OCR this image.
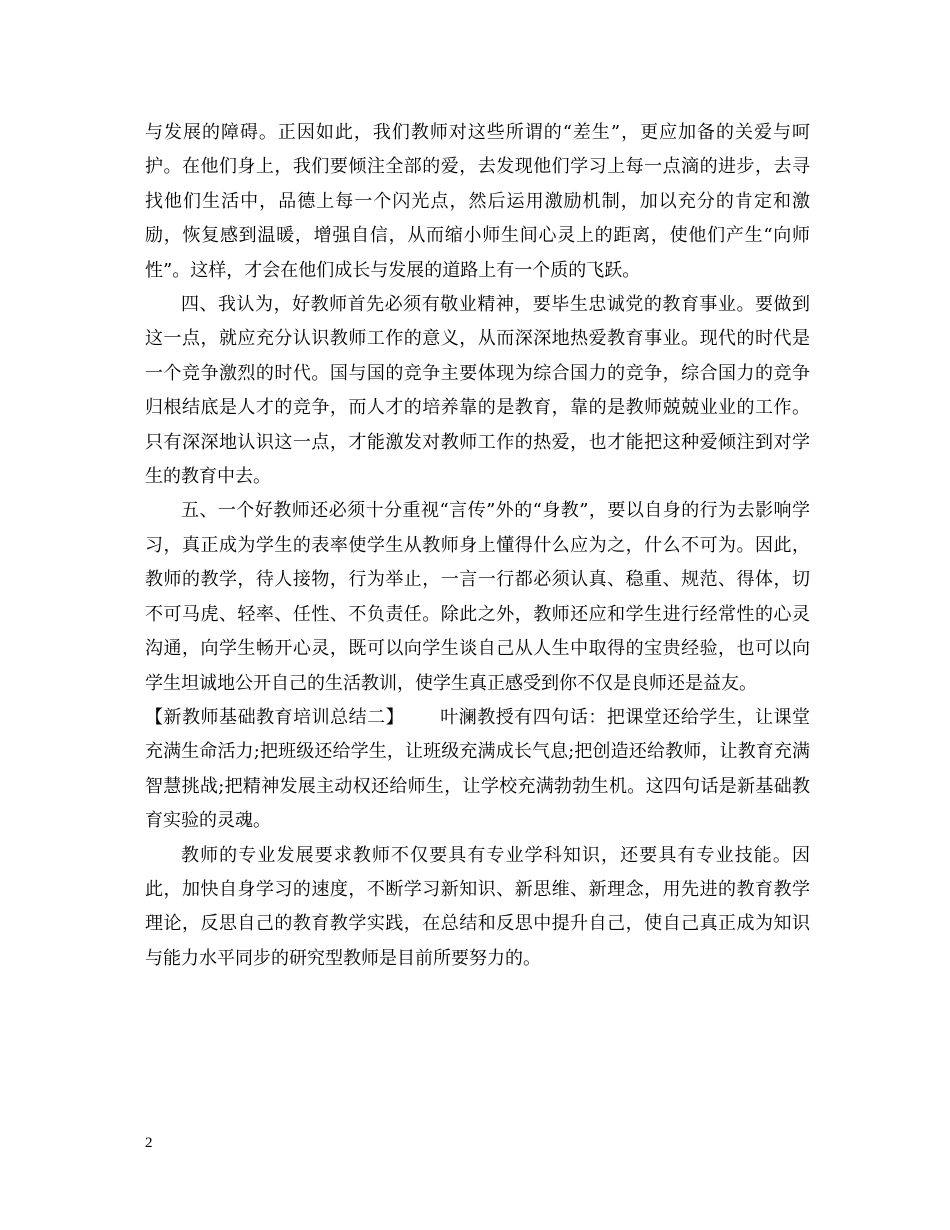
与发展的障碍。正因如此，我们教师对这些所谓的“差生”，更应加备的关爱与呵护。在他们身上，我们要倾注全部的爱，去发现他们学习上每一点滴的进步，去寻找他们生活中，品德上每一个闪光点，然后运用激励机制，加以充分的肯定和激励，恢复感到温暖，增强自信，从而缩小师生间心灵上的距离，使他们产生“向师性”。这样，才会在他们成长与发展的道路上有一个质的飞跃。

四、我认为，好教师首先必须有敬业精神，要毕生忠诚党的教育事业。要做到这一点，就应充分认识教师工作的意义，从而深深地热爱教育事业。现代的时代是一个竞争激烈的时代。国与国的竞争主要体现为综合国力的竞争，综合国力的竞争归根结底是人才的竞争，而人才的培养靠的是教育，靠的是教师兢兢业业的工作。只有深深地认识这一点，才能激发对教师工作的热爱，也才能把这种爱倾注到对学生的教育中去。

五、一个好教师还必须十分重视“言传”外的“身教”，要以自身的行为去影响学习，真正成为学生的表率使学生从教师身上懂得什么应为之，什么不可为。因此，教师的教学，待人接物，行为举止，一言一行都必须认真、稳重、规范、得体，切不可马虎、轻率、任性、不负责任。除此之外，教师还应和学生进行经常性的心灵沟通，向学生畅开心灵，既可以向学生谈自己从人生中取得的宝贵经验，也可以向学生坦诚地公开自己的生活教训，使学生真正感受到你不仅是良师还是益友。

【新教师基础教育培训总结二】 叶澜教授有四句话：把课堂还给学生，让课堂充满生命活力;把班级还给学生，让班级充满成长气息;把创造还给教师，让教育充满智慧挑战;把精神发展主动权还给师生，让学校充满勃勃生机。这四句话是新基础教育实验的灵魂。

教师的专业发展要求教师不仅要具有专业学科知识，还要具有专业技能。因此，加快自身学习的速度，不断学习新知识、新思维、新理念，用先进的教育教学理论，反思自己的教育教学实践，在总结和反思中提升自己，使自己真正成为知识与能力水平同步的研究型教师是目前所要努力的。

2
